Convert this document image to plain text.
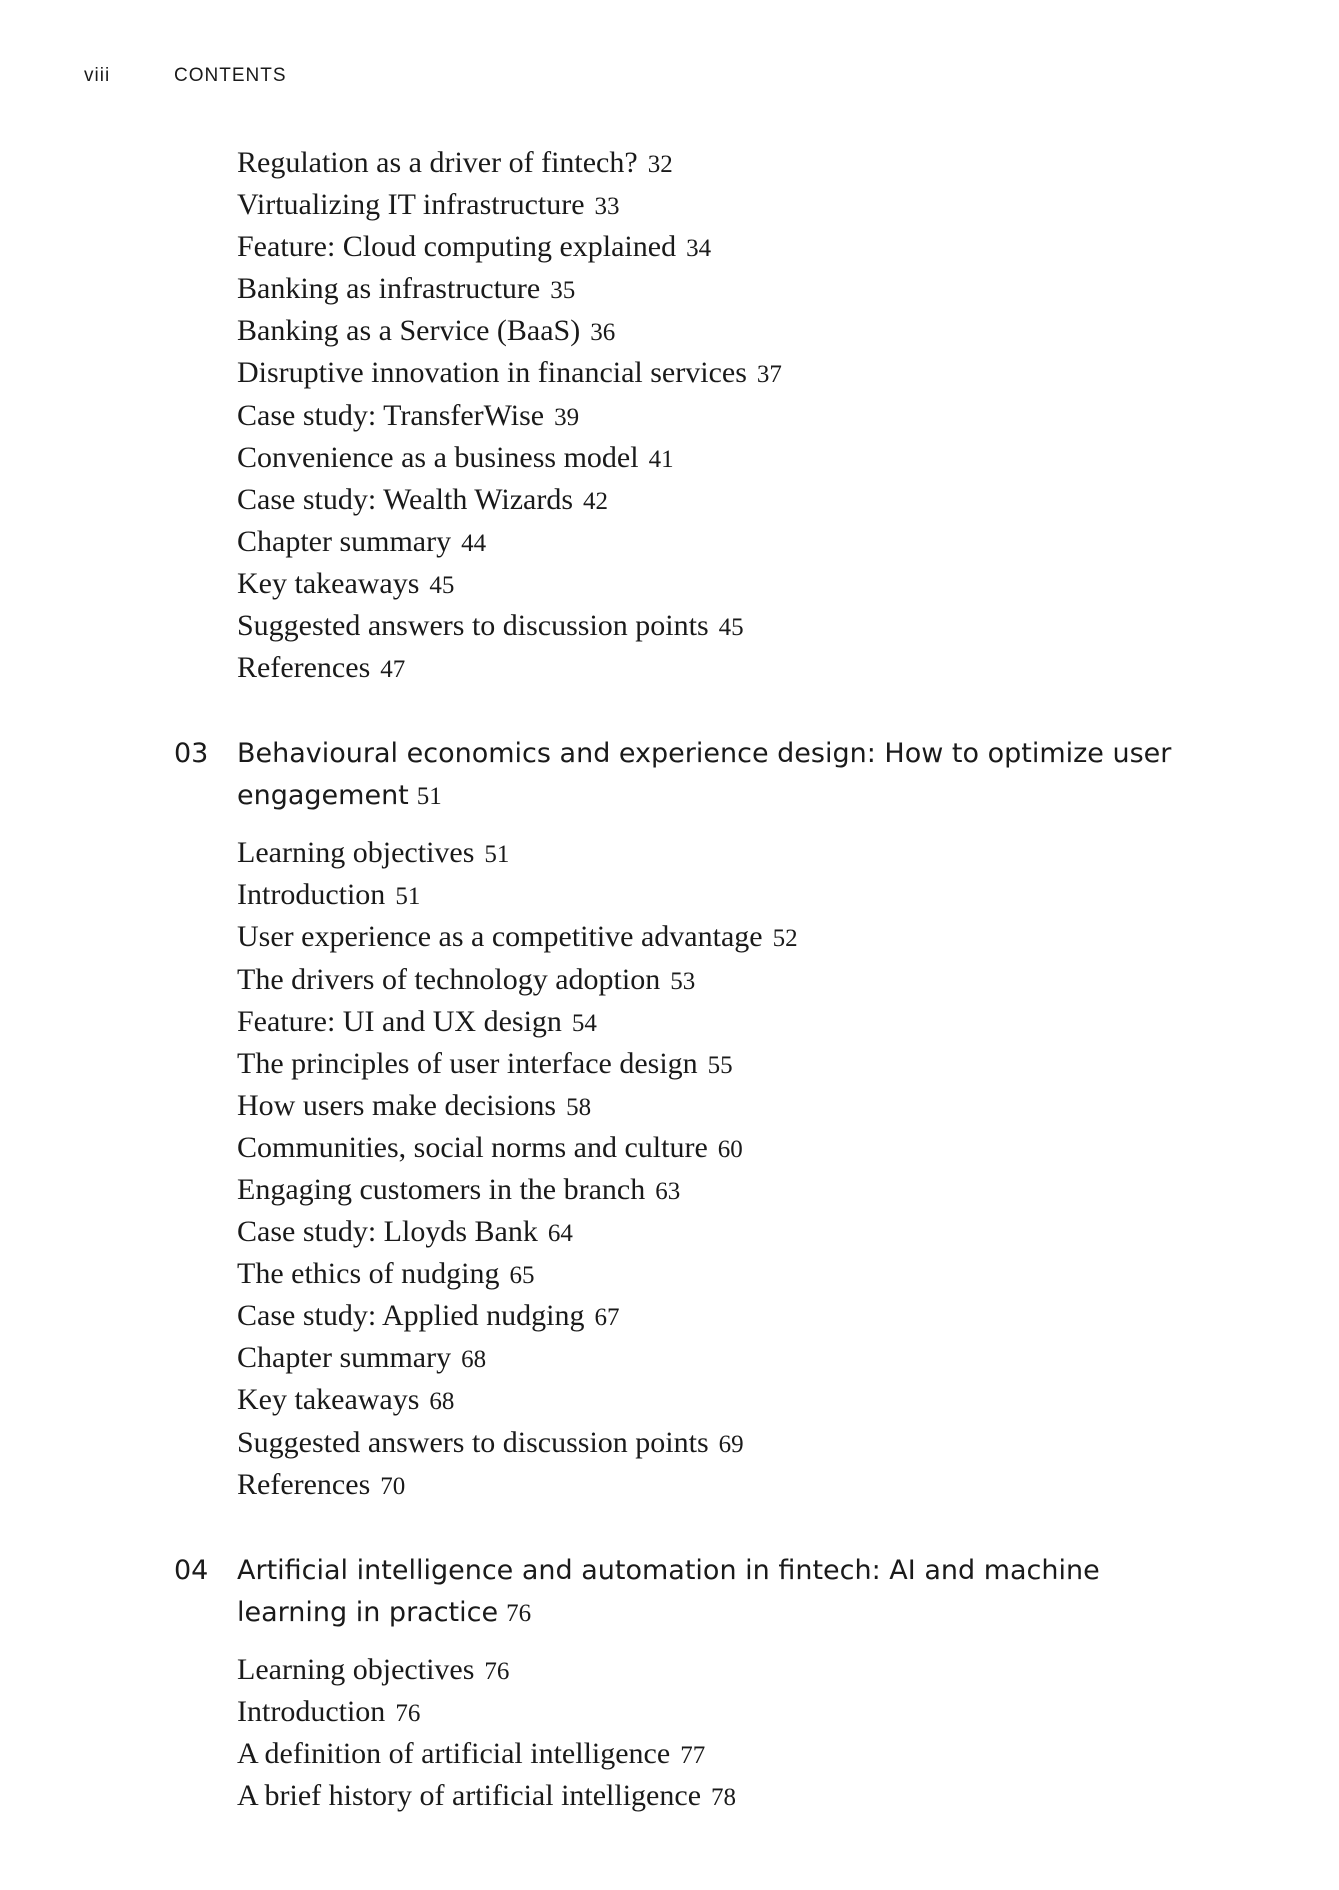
viii	CONTENTS
Regulation as a driver of fintech? 32
Virtualizing IT infrastructure 33
Feature: Cloud computing explained 34
Banking as infrastructure 35
Banking as a Service (BaaS) 36
Disruptive innovation in financial services 37
Case study: TransferWise 39
Convenience as a business model 41
Case study: Wealth Wizards 42
Chapter summary 44
Key takeaways 45
Suggested answers to discussion points 45
References 47
03	Behavioural economics and experience design: How to optimize user engagement 51
Learning objectives 51
Introduction 51
User experience as a competitive advantage 52
The drivers of technology adoption 53
Feature: UI and UX design 54
The principles of user interface design 55
How users make decisions 58
Communities, social norms and culture 60
Engaging customers in the branch 63
Case study: Lloyds Bank 64
The ethics of nudging 65
Case study: Applied nudging 67
Chapter summary 68
Key takeaways 68
Suggested answers to discussion points 69
References 70
04	Artificial intelligence and automation in fintech: AI and machine learning in practice 76
Learning objectives 76
Introduction 76
A definition of artificial intelligence 77
A brief history of artificial intelligence 78
